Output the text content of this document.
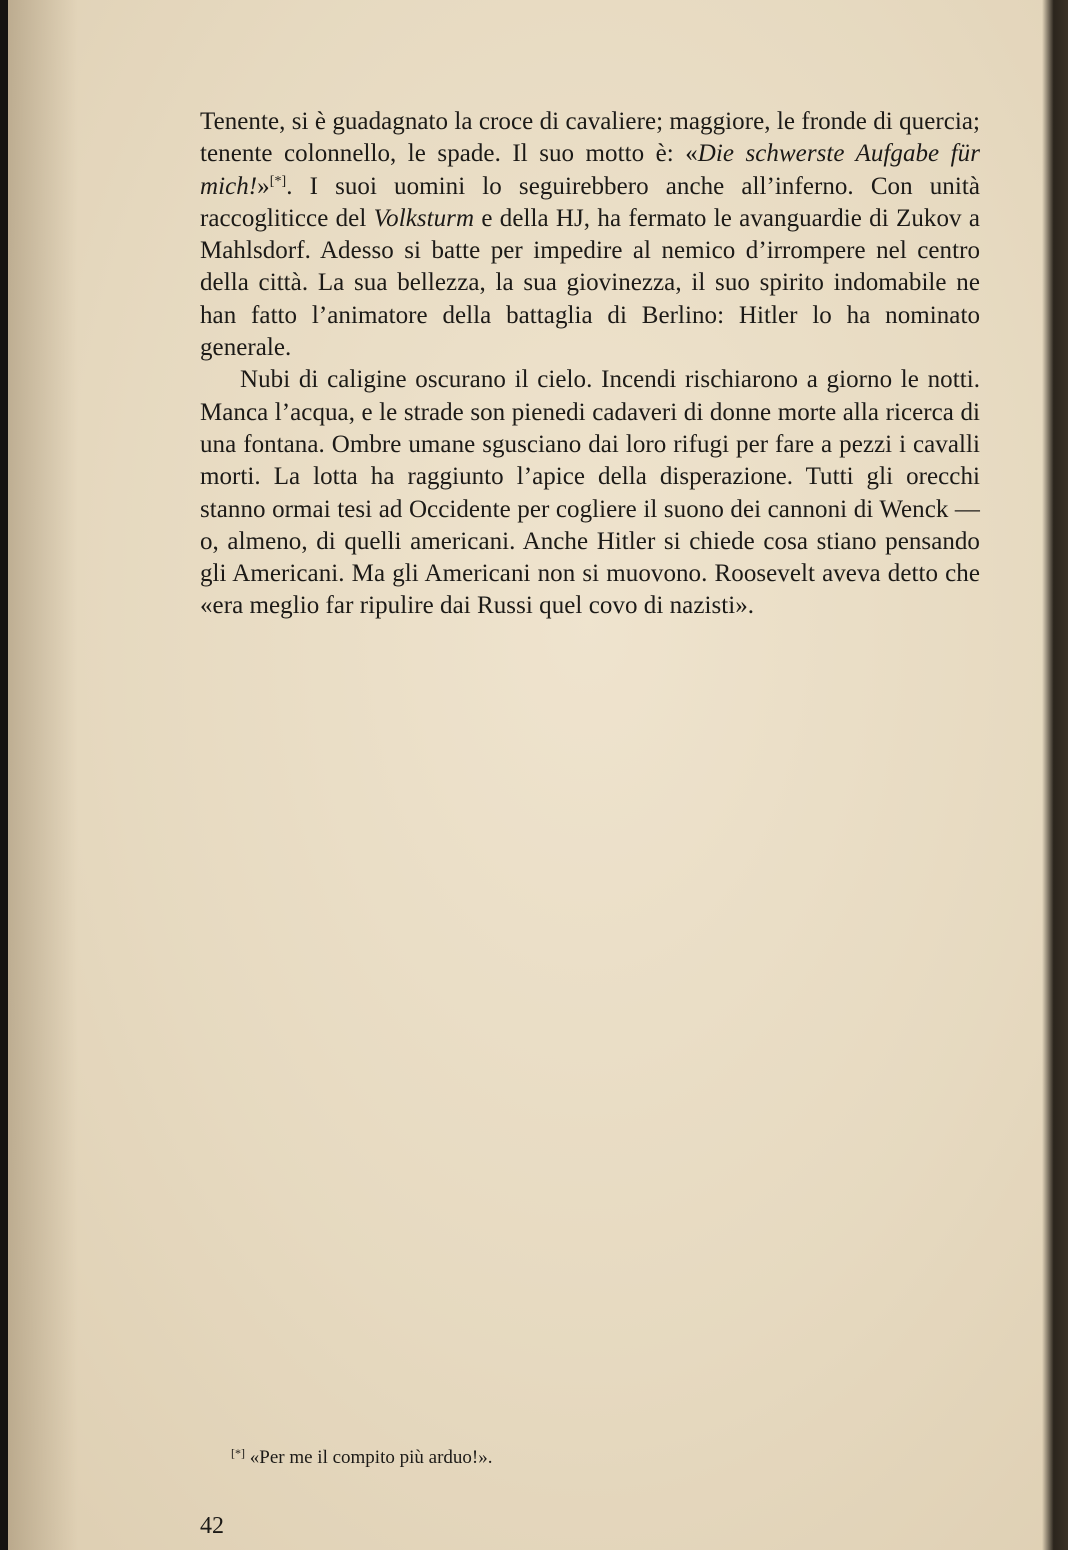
Tenente, si è guadagnato la croce di cavaliere; maggiore, le fronde di quercia; tenente colonnello, le spade. Il suo motto è: «Die schwerste Aufgabe für mich!»[*]. I suoi uomini lo seguirebbero anche all’inferno. Con unità raccogliticce del Volksturm e della HJ, ha fermato le avanguardie di Zukov a Mahlsdorf. Adesso si batte per impedire al nemico d’irrompere nel centro della città. La sua bellezza, la sua giovinezza, il suo spirito indomabile ne han fatto l’animatore della battaglia di Berlino: Hitler lo ha nominato generale.

Nubi di caligine oscurano il cielo. Incendi rischiarono a giorno le notti. Manca l’acqua, e le strade son pienedi cadaveri di donne morte alla ricerca di una fontana. Ombre umane sgusciano dai loro rifugi per fare a pezzi i cavalli morti. La lotta ha raggiunto l’apice della disperazione. Tutti gli orecchi stanno ormai tesi ad Occidente per cogliere il suono dei cannoni di Wenck — o, almeno, di quelli americani. Anche Hitler si chiede cosa stiano pensando gli Americani. Ma gli Americani non si muovono. Roosevelt aveva detto che «era meglio far ripulire dai Russi quel covo di nazisti».

[*] «Per me il compito più arduo!».
42
